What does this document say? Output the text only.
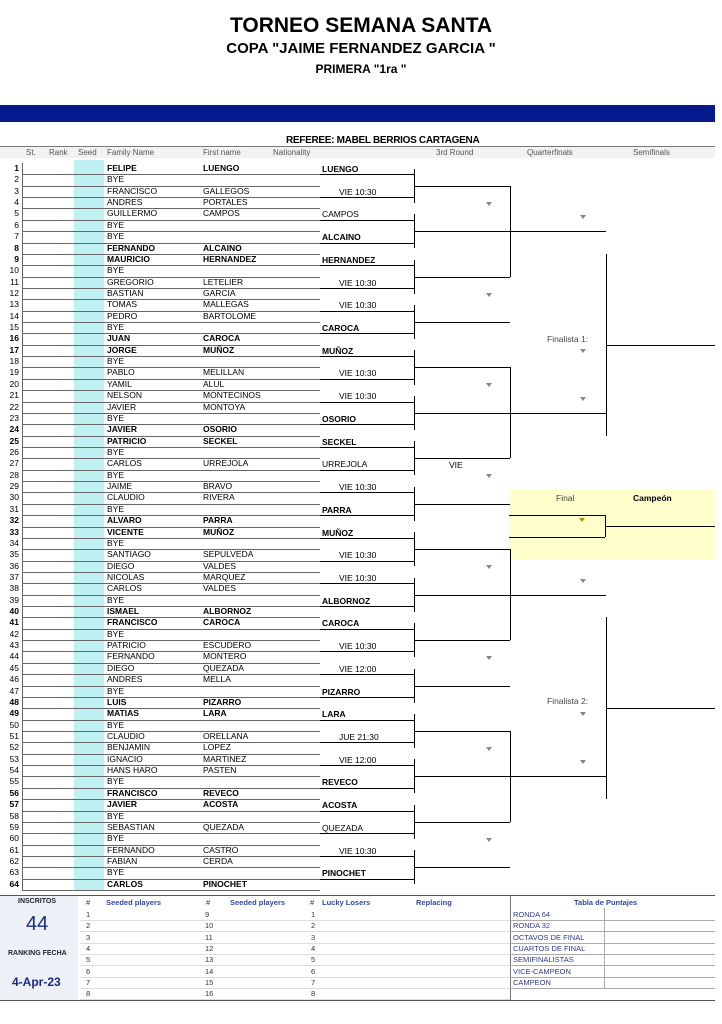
TORNEO SEMANA SANTA
COPA "JAIME FERNANDEZ GARCIA "
PRIMERA "1ra "
REFEREE: MABEL BERRIOS CARTAGENA
St. Rank Seed Family Name	First name	Nationality	3rd Round	Quarterfinals	Semifinals
Final	Campeón
Finalista 1:
Finalista 2:
VIE
1	FELIPE	LUENGO
2	BYE
3	FRANCISCO	GALLEGOS
4	ANDRES	PORTALES
5	GUILLERMO	CAMPOS
6	BYE
7	BYE
8	FERNANDO	ALCAINO
9	MAURICIO	HERNANDEZ
10	BYE
11	GREGORIO	LETELIER
12	BASTIAN	GARCIA
13	TOMAS	MALLEGAS
14	PEDRO	BARTOLOME
15	BYE
16	JUAN	CAROCA
17	JORGE	MUÑOZ
18	BYE
19	PABLO	MELILLAN
20	YAMIL	ALUL
21	NELSON	MONTECINOS
22	JAVIER	MONTOYA
23	BYE
24	JAVIER	OSORIO
25	PATRICIO	SECKEL
26	BYE
27	CARLOS	URREJOLA
28	BYE
29	JAIME	BRAVO
30	CLAUDIO	RIVERA
31	BYE
32	ALVARO	PARRA
33	VICENTE	MUÑOZ
34	BYE
35	SANTIAGO	SEPULVEDA
36	DIEGO	VALDES
37	NICOLAS	MARQUEZ
38	CARLOS	VALDES
39	BYE
40	ISMAEL	ALBORNOZ
41	FRANCISCO	CAROCA
42	BYE
43	PATRICIO	ESCUDERO
44	FERNANDO	MONTERO
45	DIEGO	QUEZADA
46	ANDRES	MELLA
47	BYE
48	LUIS	PIZARRO
49	MATIAS	LARA
50	BYE
51	CLAUDIO	ORELLANA
52	BENJAMIN	LOPEZ
53	IGNACIO	MARTINEZ
54	HANS HARO	PASTEN
55	BYE
56	FRANCISCO	REVECO
57	JAVIER	ACOSTA
58	BYE
59	SEBASTIAN	QUEZADA
60	BYE
61	FERNANDO	CASTRO
62	FABIAN	CERDA
63	BYE
64	CARLOS	PINOCHET
LUENGO
VIE 10:30
CAMPOS
ALCAINO
HERNANDEZ
VIE 10:30
VIE 10:30
CAROCA
MUÑOZ
VIE 10:30
VIE 10:30
OSORIO
SECKEL
URREJOLA
VIE 10:30
PARRA
MUÑOZ
VIE 10:30
VIE 10:30
ALBORNOZ
CAROCA
VIE 10:30
VIE 12:00
PIZARRO
LARA
JUE 21:30
VIE 12:00
REVECO
ACOSTA
QUEZADA
VIE 10:30
PINOCHET
INSCRITOS
44
RANKING FECHA
4-Apr-23
# Seeded players	#	Seeded players	# Lucky Losers	Replacing	Tabla de Puntajes
1	9	1
2	10	2
3	11	3
4	12	4
5	13	5
6	14	6
7	15	7
8	16	8
RONDA 64
RONDA 32
OCTAVOS DE FINAL
CUARTOS DE FINAL
SEMIFINALISTAS
VICE-CAMPEON
CAMPEON
